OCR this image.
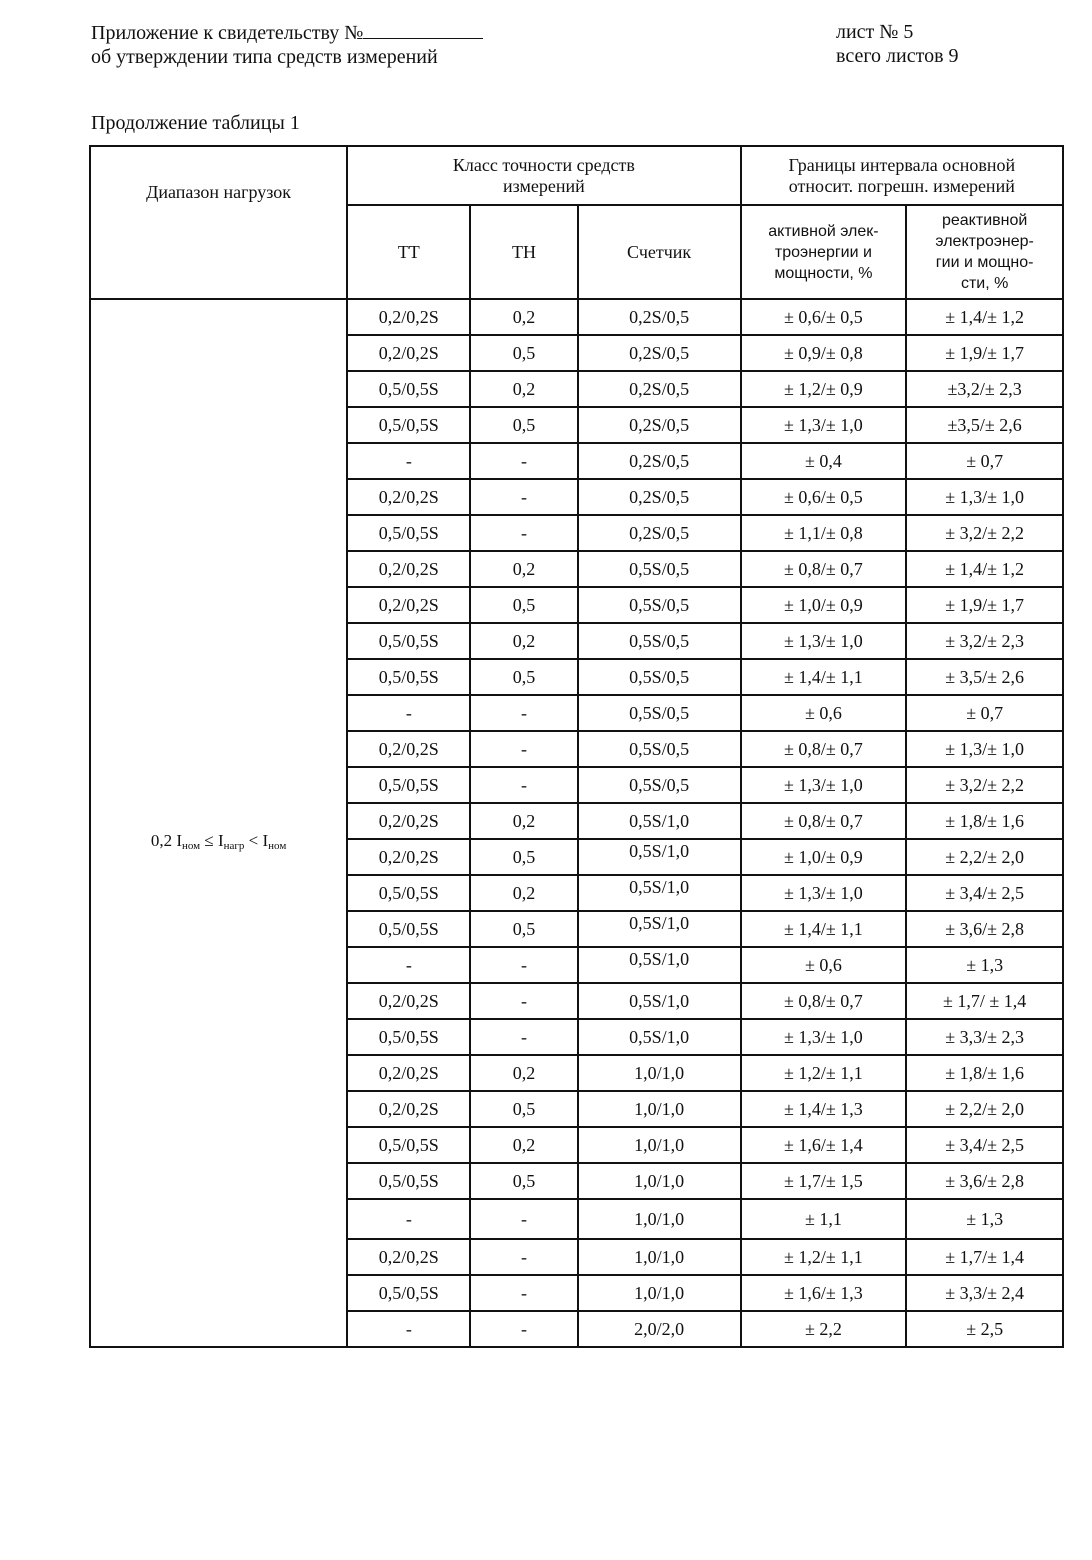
Приложение к свидетельству №
об утверждении типа средств измерений
лист № 5
всего листов 9
Продолжение таблицы 1
Диапазон нагрузок	Класс точности средств измерений			Границы интервала основной относит. погрешн. измерений	

	ТТ	ТН	Счетчик	активной элек-троэнергии и мощности, %	реактивной электроэнер-гии и мощно-сти, %

0,2 $I_{ном} \le I_{нагр} < I_{ном}$	0,2/0,2S	0,2	0,2S/0,5	± 0,6/± 0,5	± 1,4/± 1,2
	0,2/0,2S	0,5	0,2S/0,5	± 0,9/± 0,8	± 1,9/± 1,7
	0,5/0,5S	0,2	0,2S/0,5	± 1,2/± 0,9	±3,2/± 2,3
	0,5/0,5S	0,5	0,2S/0,5	± 1,3/± 1,0	±3,5/± 2,6
	-	-	0,2S/0,5	± 0,4	± 0,7
	0,2/0,2S	-	0,2S/0,5	± 0,6/± 0,5	± 1,3/± 1,0
	0,5/0,5S	-	0,2S/0,5	± 1,1/± 0,8	± 3,2/± 2,2
	0,2/0,2S	0,2	0,5S/0,5	± 0,8/± 0,7	± 1,4/± 1,2
	0,2/0,2S	0,5	0,5S/0,5	± 1,0/± 0,9	± 1,9/± 1,7
	0,5/0,5S	0,2	0,5S/0,5	± 1,3/± 1,0	± 3,2/± 2,3
	0,5/0,5S	0,5	0,5S/0,5	± 1,4/± 1,1	± 3,5/± 2,6
	-	-	0,5S/0,5	± 0,6	± 0,7
	0,2/0,2S	-	0,5S/0,5	± 0,8/± 0,7	± 1,3/± 1,0
	0,5/0,5S	-	0,5S/0,5	± 1,3/± 1,0	± 3,2/± 2,2
	0,2/0,2S	0,2	0,5S/1,0	± 0,8/± 0,7	± 1,8/± 1,6
	0,2/0,2S	0,5	0,5S/1,0	± 1,0/± 0,9	± 2,2/± 2,0
	0,5/0,5S	0,2	0,5S/1,0	± 1,3/± 1,0	± 3,4/± 2,5
	0,5/0,5S	0,5	0,5S/1,0	± 1,4/± 1,1	± 3,6/± 2,8
	-	-	0,5S/1,0	± 0,6	± 1,3
	0,2/0,2S	-	0,5S/1,0	± 0,8/± 0,7	± 1,7/ ± 1,4
	0,5/0,5S	-	0,5S/1,0	± 1,3/± 1,0	± 3,3/± 2,3
	0,2/0,2S	0,2	1,0/1,0	± 1,2/± 1,1	± 1,8/± 1,6
	0,2/0,2S	0,5	1,0/1,0	± 1,4/± 1,3	± 2,2/± 2,0
	0,5/0,5S	0,2	1,0/1,0	± 1,6/± 1,4	± 3,4/± 2,5
	0,5/0,5S	0,5	1,0/1,0	± 1,7/± 1,5	± 3,6/± 2,8
	-	-	1,0/1,0	± 1,1	± 1,3
	0,2/0,2S	-	1,0/1,0	± 1,2/± 1,1	± 1,7/± 1,4
	0,5/0,5S	-	1,0/1,0	± 1,6/± 1,3	± 3,3/± 2,4
	-	-	2,0/2,0	± 2,2	± 2,5
